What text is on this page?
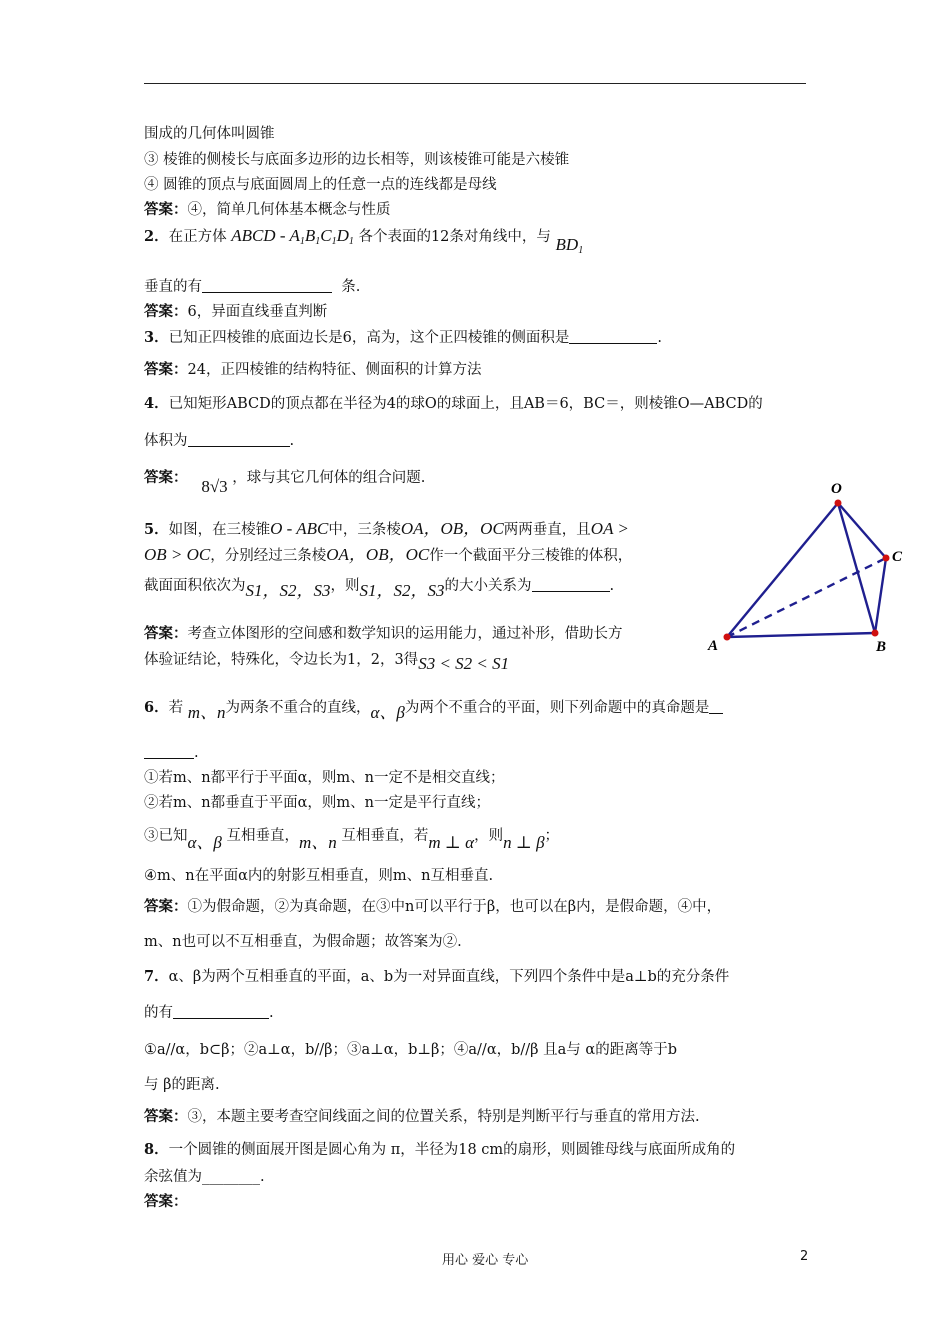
围成的几何体叫圆锥
③ 棱锥的侧棱长与底面多边形的边长相等，则该棱锥可能是六棱锥
④ 圆锥的顶点与底面圆周上的任意一点的连线都是母线
答案：④，简单几何体基本概念与性质
2．在正方体 ABCD - $A_1B_1C_1D_1$ 各个表面的12条对角线中，与 $BD_1$
垂直的有	条.
答案：6，异面直线垂直判断
3．已知正四棱锥的底面边长是6，高为，这个正四棱锥的侧面积是	.
答案：24，正四棱锥的结构特征、侧面积的计算方法
4．已知矩形ABCD的顶点都在半径为4的球O的球面上，且AB＝6，BC＝，则棱锥O—ABCD的
体积为	.
答案： 8√3 ，球与其它几何体的组合问题.
5．如图，在三棱锥O - ABC中，三条棱OA，OB，OC两两垂直，且OA >
OB > OC，分别经过三条棱OA，OB，OC作一个截面平分三棱锥的体积，
截面面积依次为S1，S2，S3，则S1，S2，S3的大小关系为	.
答案：考查立体图形的空间感和数学知识的运用能力，通过补形，借助长方
体验证结论，特殊化，令边长为1，2，3得S3 < S2 < S1
6．若 m、n为两条不重合的直线，α、β为两个不重合的平面，则下列命题中的真命题是
.
①若m、n都平行于平面α，则m、n一定不是相交直线；
②若m、n都垂直于平面α，则m、n一定是平行直线；
③已知α、β 互相垂直，m、n 互相垂直，若m ⊥ α，则n ⊥ β；
④m、n在平面α内的射影互相垂直，则m、n互相垂直.
答案：①为假命题，②为真命题，在③中n可以平行于β，也可以在β内，是假命题，④中，
m、n也可以不互相垂直，为假命题；故答案为②.
7．α、β为两个互相垂直的平面，a、b为一对异面直线，下列四个条件中是a⊥b的充分条件
的有	.
①a//α，b⊂β；②a⊥α，b//β；③a⊥α，b⊥β；④a//α，b//β 且a与 α的距离等于b
与 β的距离.
答案：③，本题主要考查空间线面之间的位置关系，特别是判断平行与垂直的常用方法.
8．一个圆锥的侧面展开图是圆心角为 π，半径为18 cm的扇形，则圆锥母线与底面所成角的
余弦值为________.
答案：
O
A	B
C
用心 爱心 专心	2
